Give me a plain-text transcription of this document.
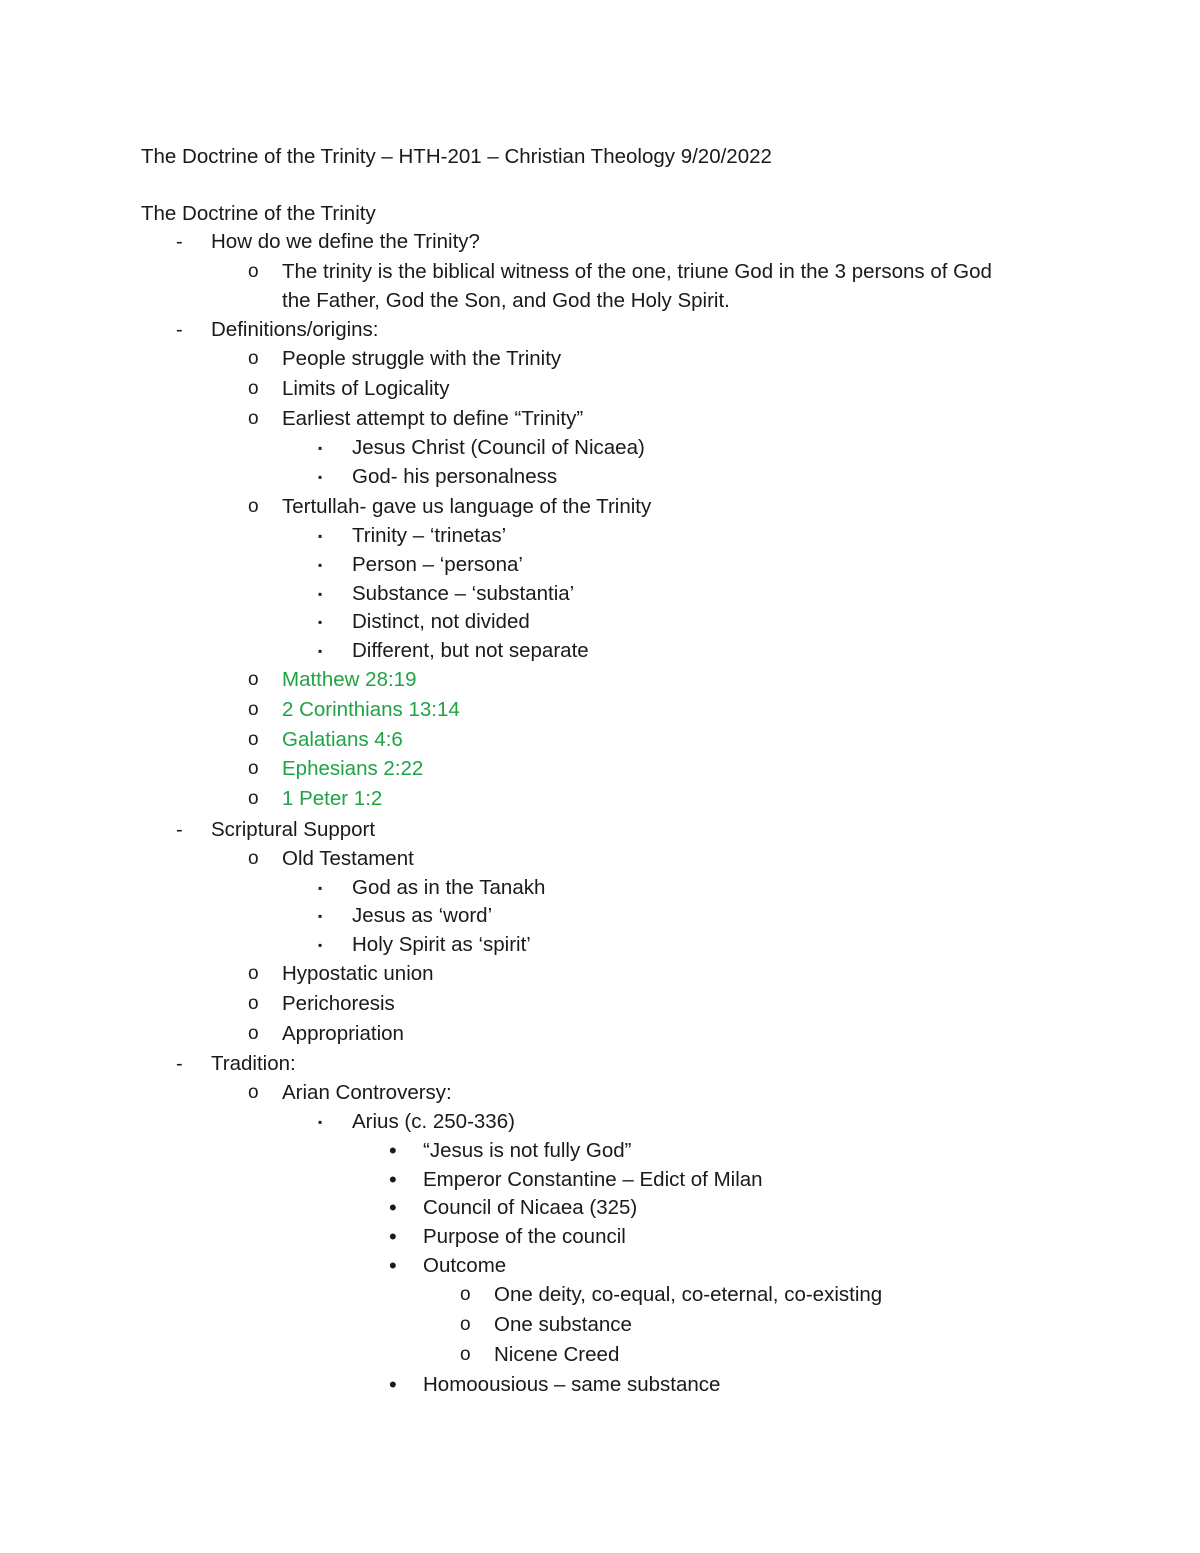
The Doctrine of the Trinity – HTH-201 – Christian Theology 9/20/2022
The Doctrine of the Trinity
- How do we define the Trinity?
o The trinity is the biblical witness of the one, triune God in the 3 persons of God
the Father, God the Son, and God the Holy Spirit.
- Definitions/origins:
o People struggle with the Trinity
o Limits of Logicality
o Earliest attempt to define “Trinity”
▪ Jesus Christ (Council of Nicaea)
▪ God- his personalness
o Tertullah- gave us language of the Trinity
▪ Trinity – ‘trinetas’
▪ Person – ‘persona’
▪ Substance – ‘substantia’
▪ Distinct, not divided
▪ Different, but not separate
o Matthew 28:19
o 2 Corinthians 13:14
o Galatians 4:6
o Ephesians 2:22
o 1 Peter 1:2
- Scriptural Support
o Old Testament
▪ God as in the Tanakh
▪ Jesus as ‘word’
▪ Holy Spirit as ‘spirit’
o Hypostatic union
o Perichoresis
o Appropriation
- Tradition:
o Arian Controversy:
▪ Arius (c. 250-336)
• “Jesus is not fully God”
• Emperor Constantine – Edict of Milan
• Council of Nicaea (325)
• Purpose of the council
• Outcome
o One deity, co-equal, co-eternal, co-existing
o One substance
o Nicene Creed
• Homoousious – same substance
